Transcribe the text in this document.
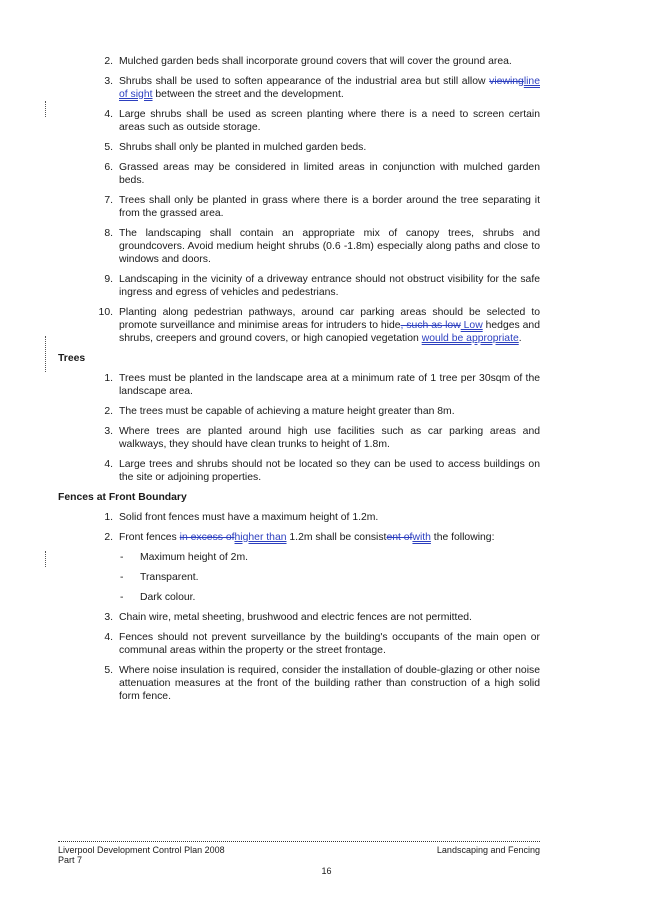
2. Mulched garden beds shall incorporate ground covers that will cover the ground area.
3. Shrubs shall be used to soften appearance of the industrial area but still allow viewingline of sight between the street and the development.
4. Large shrubs shall be used as screen planting where there is a need to screen certain areas such as outside storage.
5. Shrubs shall only be planted in mulched garden beds.
6. Grassed areas may be considered in limited areas in conjunction with mulched garden beds.
7. Trees shall only be planted in grass where there is a border around the tree separating it from the grassed area.
8. The landscaping shall contain an appropriate mix of canopy trees, shrubs and groundcovers. Avoid medium height shrubs (0.6 -1.8m) especially along paths and close to windows and doors.
9. Landscaping in the vicinity of a driveway entrance should not obstruct visibility for the safe ingress and egress of vehicles and pedestrians.
10. Planting along pedestrian pathways, around car parking areas should be selected to promote surveillance and minimise areas for intruders to hide, such as low Low hedges and shrubs, creepers and ground covers, or high canopied vegetation would be appropriate.
Trees
1. Trees must be planted in the landscape area at a minimum rate of 1 tree per 30sqm of the landscape area.
2. The trees must be capable of achieving a mature height greater than 8m.
3. Where trees are planted around high use facilities such as car parking areas and walkways, they should have clean trunks to height of 1.8m.
4. Large trees and shrubs should not be located so they can be used to access buildings on the site or adjoining properties.
Fences at Front Boundary
1. Solid front fences must have a maximum height of 1.2m.
2. Front fences in excess ofhigher than 1.2m shall be consistent ofwith the following:
- Maximum height of 2m.
- Transparent.
- Dark colour.
3. Chain wire, metal sheeting, brushwood and electric fences are not permitted.
4. Fences should not prevent surveillance by the building's occupants of the main open or communal areas within the property or the street frontage.
5. Where noise insulation is required, consider the installation of double-glazing or other noise attenuation measures at the front of the building rather than construction of a high solid form fence.
Liverpool Development Control Plan 2008
Part 7
Landscaping and Fencing
16
